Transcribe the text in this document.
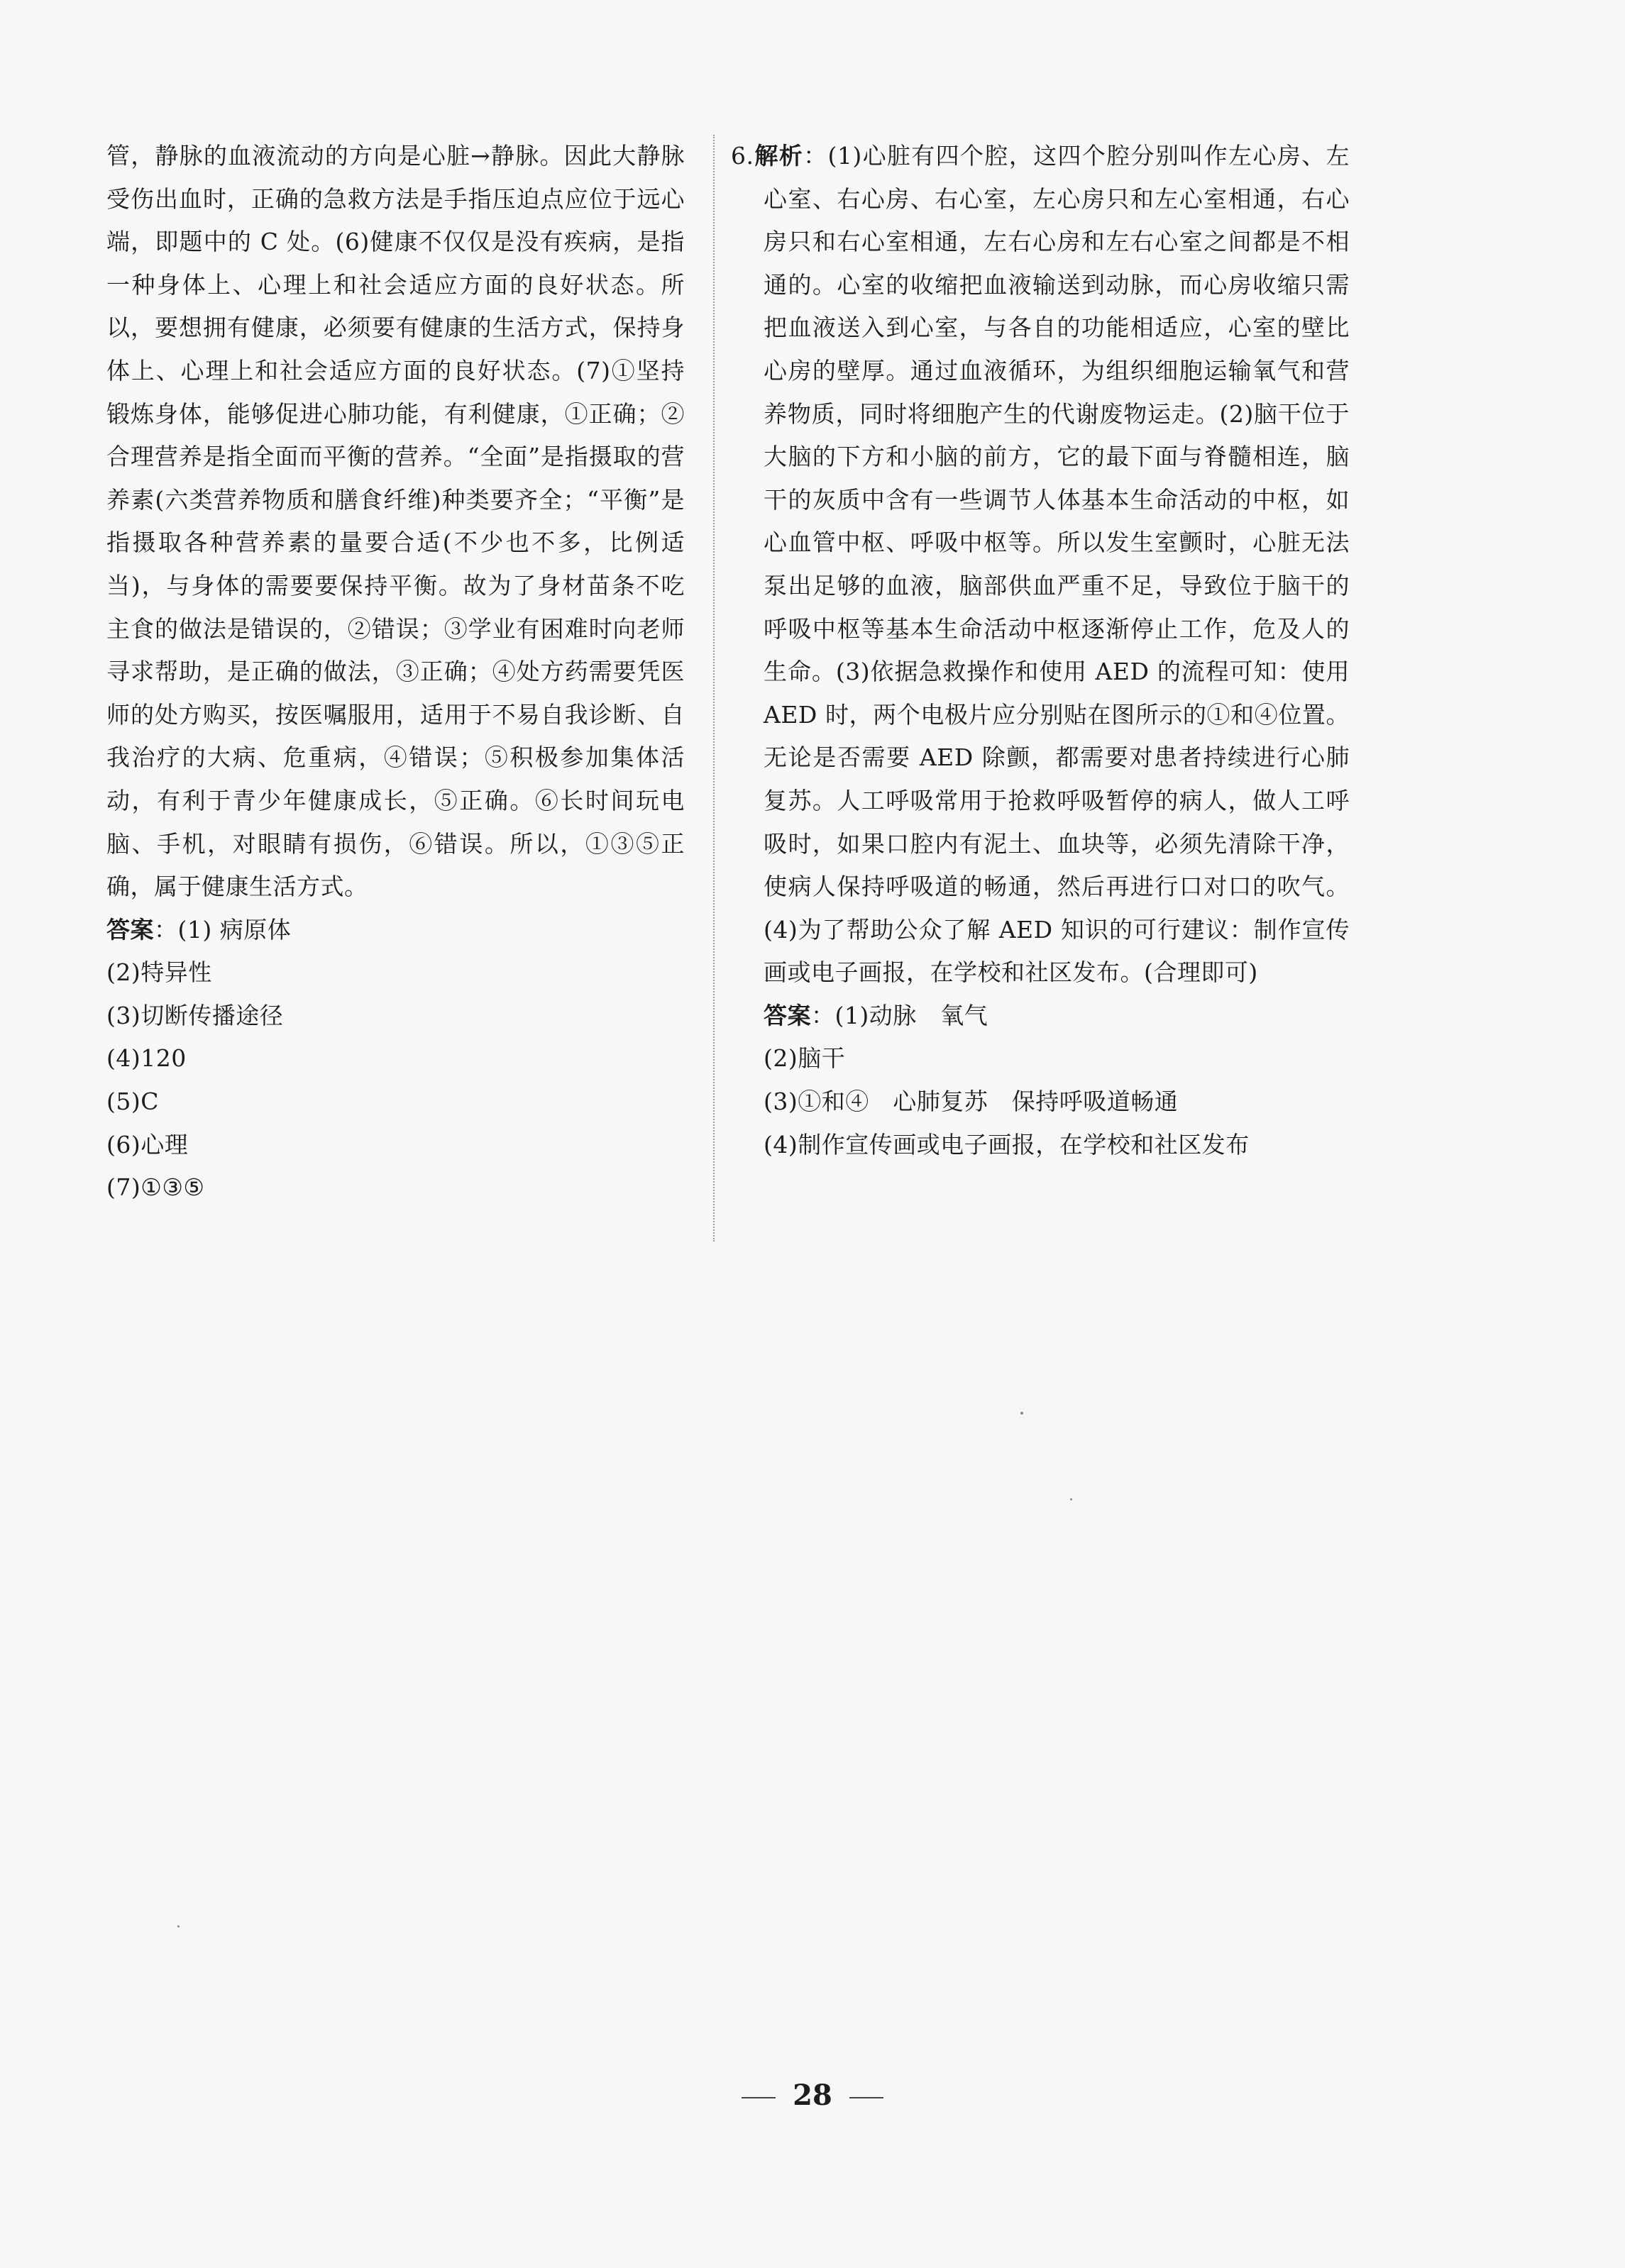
管，静脉的血液流动的方向是心脏→静脉。因此大静脉受伤出血时，正确的急救方法是手指压迫点应位于远心端，即题中的 C 处。(6)健康不仅仅是没有疾病，是指一种身体上、心理上和社会适应方面的良好状态。所以，要想拥有健康，必须要有健康的生活方式，保持身体上、心理上和社会适应方面的良好状态。(7)①坚持锻炼身体，能够促进心肺功能，有利健康，①正确；②合理营养是指全面而平衡的营养。“全面”是指摄取的营养素(六类营养物质和膳食纤维)种类要齐全；“平衡”是指摄取各种营养素的量要合适(不少也不多，比例适当)，与身体的需要要保持平衡。故为了身材苗条不吃主食的做法是错误的，②错误；③学业有困难时向老师寻求帮助，是正确的做法，③正确；④处方药需要凭医师的处方购买，按医嘱服用，适用于不易自我诊断、自我治疗的大病、危重病，④错误；⑤积极参加集体活动，有利于青少年健康成长，⑤正确。⑥长时间玩电脑、手机，对眼睛有损伤，⑥错误。所以，①③⑤正确，属于健康生活方式。

答案：(1) 病原体

(2)特异性

(3)切断传播途径

(4)120

(5)C

(6)心理

(7)①③⑤

6.解析：(1)心脏有四个腔，这四个腔分别叫作左心房、左心室、右心房、右心室，左心房只和左心室相通，右心房只和右心室相通，左右心房和左右心室之间都是不相通的。心室的收缩把血液输送到动脉，而心房收缩只需把血液送入到心室，与各自的功能相适应，心室的壁比心房的壁厚。通过血液循环，为组织细胞运输氧气和营养物质，同时将细胞产生的代谢废物运走。(2)脑干位于大脑的下方和小脑的前方，它的最下面与脊髓相连，脑干的灰质中含有一些调节人体基本生命活动的中枢，如心血管中枢、呼吸中枢等。所以发生室颤时，心脏无法泵出足够的血液，脑部供血严重不足，导致位于脑干的呼吸中枢等基本生命活动中枢逐渐停止工作，危及人的生命。(3)依据急救操作和使用 AED 的流程可知：使用 AED 时，两个电极片应分别贴在图所示的①和④位置。无论是否需要 AED 除颤，都需要对患者持续进行心肺复苏。人工呼吸常用于抢救呼吸暂停的病人，做人工呼吸时，如果口腔内有泥土、血块等，必须先清除干净，使病人保持呼吸道的畅通，然后再进行口对口的吹气。(4)为了帮助公众了解 AED 知识的可行建议：制作宣传画或电子画报，在学校和社区发布。(合理即可)

答案：(1)动脉　氧气

(2)脑干

(3)①和④　心肺复苏　保持呼吸道畅通

(4)制作宣传画或电子画报，在学校和社区发布

28
